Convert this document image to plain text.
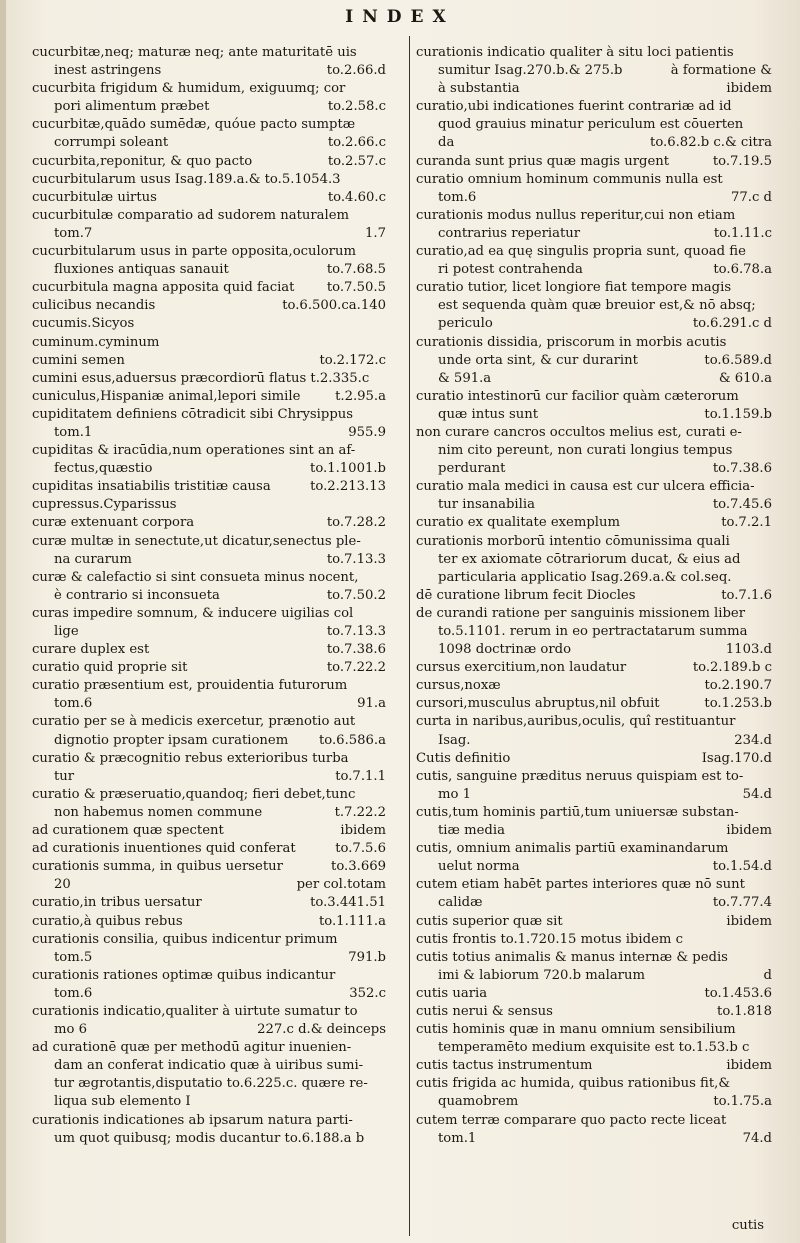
INDEX
cucurbitæ,neq; maturæ neq; ante maturitatē uis
inest astringens	to.2.66.d
cucurbita frigidum & humidum, exiguumq; cor
pori alimentum præbet	to.2.58.c
cucurbitæ,quādo sumēdæ, quóue pacto sumptæ
corrumpi soleant	to.2.66.c
cucurbita,reponitur, & quo pacto	to.2.57.c
cucurbitularum usus Isag.189.a.& to.5.1054.3
cucurbitulæ uirtus	to.4.60.c
cucurbitulæ comparatio ad sudorem naturalem
tom.7	1.7
cucurbitularum usus in parte opposita,oculorum
fluxiones antiquas sanauit	to.7.68.5
cucurbitula magna apposita quid faciat	to.7.50.5
culicibus necandis	to.6.500.ca.140
cucumis.Sicyos
cuminum.cyminum
cumini semen	to.2.172.c
cumini esus,aduersus præcordiorū flatus t.2.335.c
cuniculus,Hispaniæ animal,lepori simile	t.2.95.a
cupiditatem definiens cōtradicit sibi Chrysippus
tom.1	955.9
cupiditas & iracūdia,num operationes sint an af-
fectus,quæstio	to.1.1001.b
cupiditas insatiabilis tristitiæ causa	to.2.213.13
cupressus.Cyparissus
curæ extenuant corpora	to.7.28.2
curæ multæ in senectute,ut dicatur,senectus ple-
na curarum	to.7.13.3
curæ & calefactio si sint consueta minus nocent,
è contrario si inconsueta	to.7.50.2
curas impedire somnum, & inducere uigilias col
lige	to.7.13.3
curare duplex est	to.7.38.6
curatio quid proprie sit	to.7.22.2
curatio præsentium est, prouidentia futurorum
tom.6	91.a
curatio per se à medicis exercetur, prænotio aut
dignotio propter ipsam curationem	to.6.586.a
curatio & præcognitio rebus exterioribus turba
tur	to.7.1.1
curatio & præseruatio,quandoq; fieri debet,tunc
non habemus nomen commune	t.7.22.2
ad curationem quæ spectent	ibidem
ad curationis inuentiones quid conferat	to.7.5.6
curationis summa, in quibus uersetur	to.3.669
20	per col.totam
curatio,in tribus uersatur	to.3.441.51
curatio,à quibus rebus	to.1.111.a
curationis consilia, quibus indicentur primum
tom.5	791.b
curationis rationes optimæ quibus indicantur
tom.6	352.c
curationis indicatio,qualiter à uirtute sumatur to
mo 6	227.c d.& deinceps
ad curationē quæ per methodū agitur inuenien-
dam an conferat indicatio quæ à uiribus sumi-
tur ægrotantis,disputatio to.6.225.c. quære re-
liqua sub elemento I
curationis indicationes ab ipsarum natura parti-
um quot quibusq; modis ducantur to.6.188.a b
curationis indicatio qualiter à situ loci patientis
sumitur Isag.270.b.& 275.b	à formatione &
à substantia	ibidem
curatio,ubi indicationes fuerint contrariæ ad id
quod grauius minatur periculum est cōuerten
da	to.6.82.b c.& citra
curanda sunt prius quæ magis urgent	to.7.19.5
curatio omnium hominum communis nulla est
tom.6	77.c d
curationis modus nullus reperitur,cui non etiam
contrarius reperiatur	to.1.11.c
curatio,ad ea quę singulis propria sunt, quoad fie
ri potest contrahenda	to.6.78.a
curatio tutior, licet longiore fiat tempore magis
est sequenda quàm quæ breuior est,& nō absq;
periculo	to.6.291.c d
curationis dissidia, priscorum in morbis acutis
unde orta sint, & cur durarint	to.6.589.d
& 591.a	& 610.a
curatio intestinorū cur facilior quàm cæterorum
quæ intus sunt	to.1.159.b
non curare cancros occultos melius est, curati e-
nim cito pereunt, non curati longius tempus
perdurant	to.7.38.6
curatio mala medici in causa est cur ulcera efficia-
tur insanabilia	to.7.45.6
curatio ex qualitate exemplum	to.7.2.1
curationis morborū intentio cōmunissima quali
ter ex axiomate cōtrariorum ducat, & eius ad
particularia applicatio Isag.269.a.& col.seq.
dē curatione librum fecit Diocles	to.7.1.6
de curandi ratione per sanguinis missionem liber
to.5.1101. rerum in eo pertractatarum summa
1098 doctrinæ ordo	1103.d
cursus exercitium,non laudatur	to.2.189.b c
cursus,noxæ	to.2.190.7
cursori,musculus abruptus,nil obfuit	to.1.253.b
curta in naribus,auribus,oculis, quî restituantur
Isag.	234.d
Cutis definitio	Isag.170.d
cutis, sanguine præditus neruus quispiam est to-
mo 1	54.d
cutis,tum hominis partiū,tum uniuersæ substan-
tiæ media	ibidem
cutis, omnium animalis partiū examinandarum
uelut norma	to.1.54.d
cutem etiam habēt partes interiores quæ nō sunt
calidæ	to.7.77.4
cutis superior quæ sit	ibidem
cutis frontis to.1.720.15 motus ibidem c
cutis totius animalis & manus internæ & pedis
imi & labiorum 720.b malarum	d
cutis uaria	to.1.453.6
cutis nerui & sensus	to.1.818
cutis hominis quæ in manu omnium sensibilium
temperamēto medium exquisite est to.1.53.b c
cutis tactus instrumentum	ibidem
cutis frigida ac humida, quibus rationibus fit,&
quamobrem	to.1.75.a
cutem terræ comparare quo pacto recte liceat
tom.1	74.d
cutis
